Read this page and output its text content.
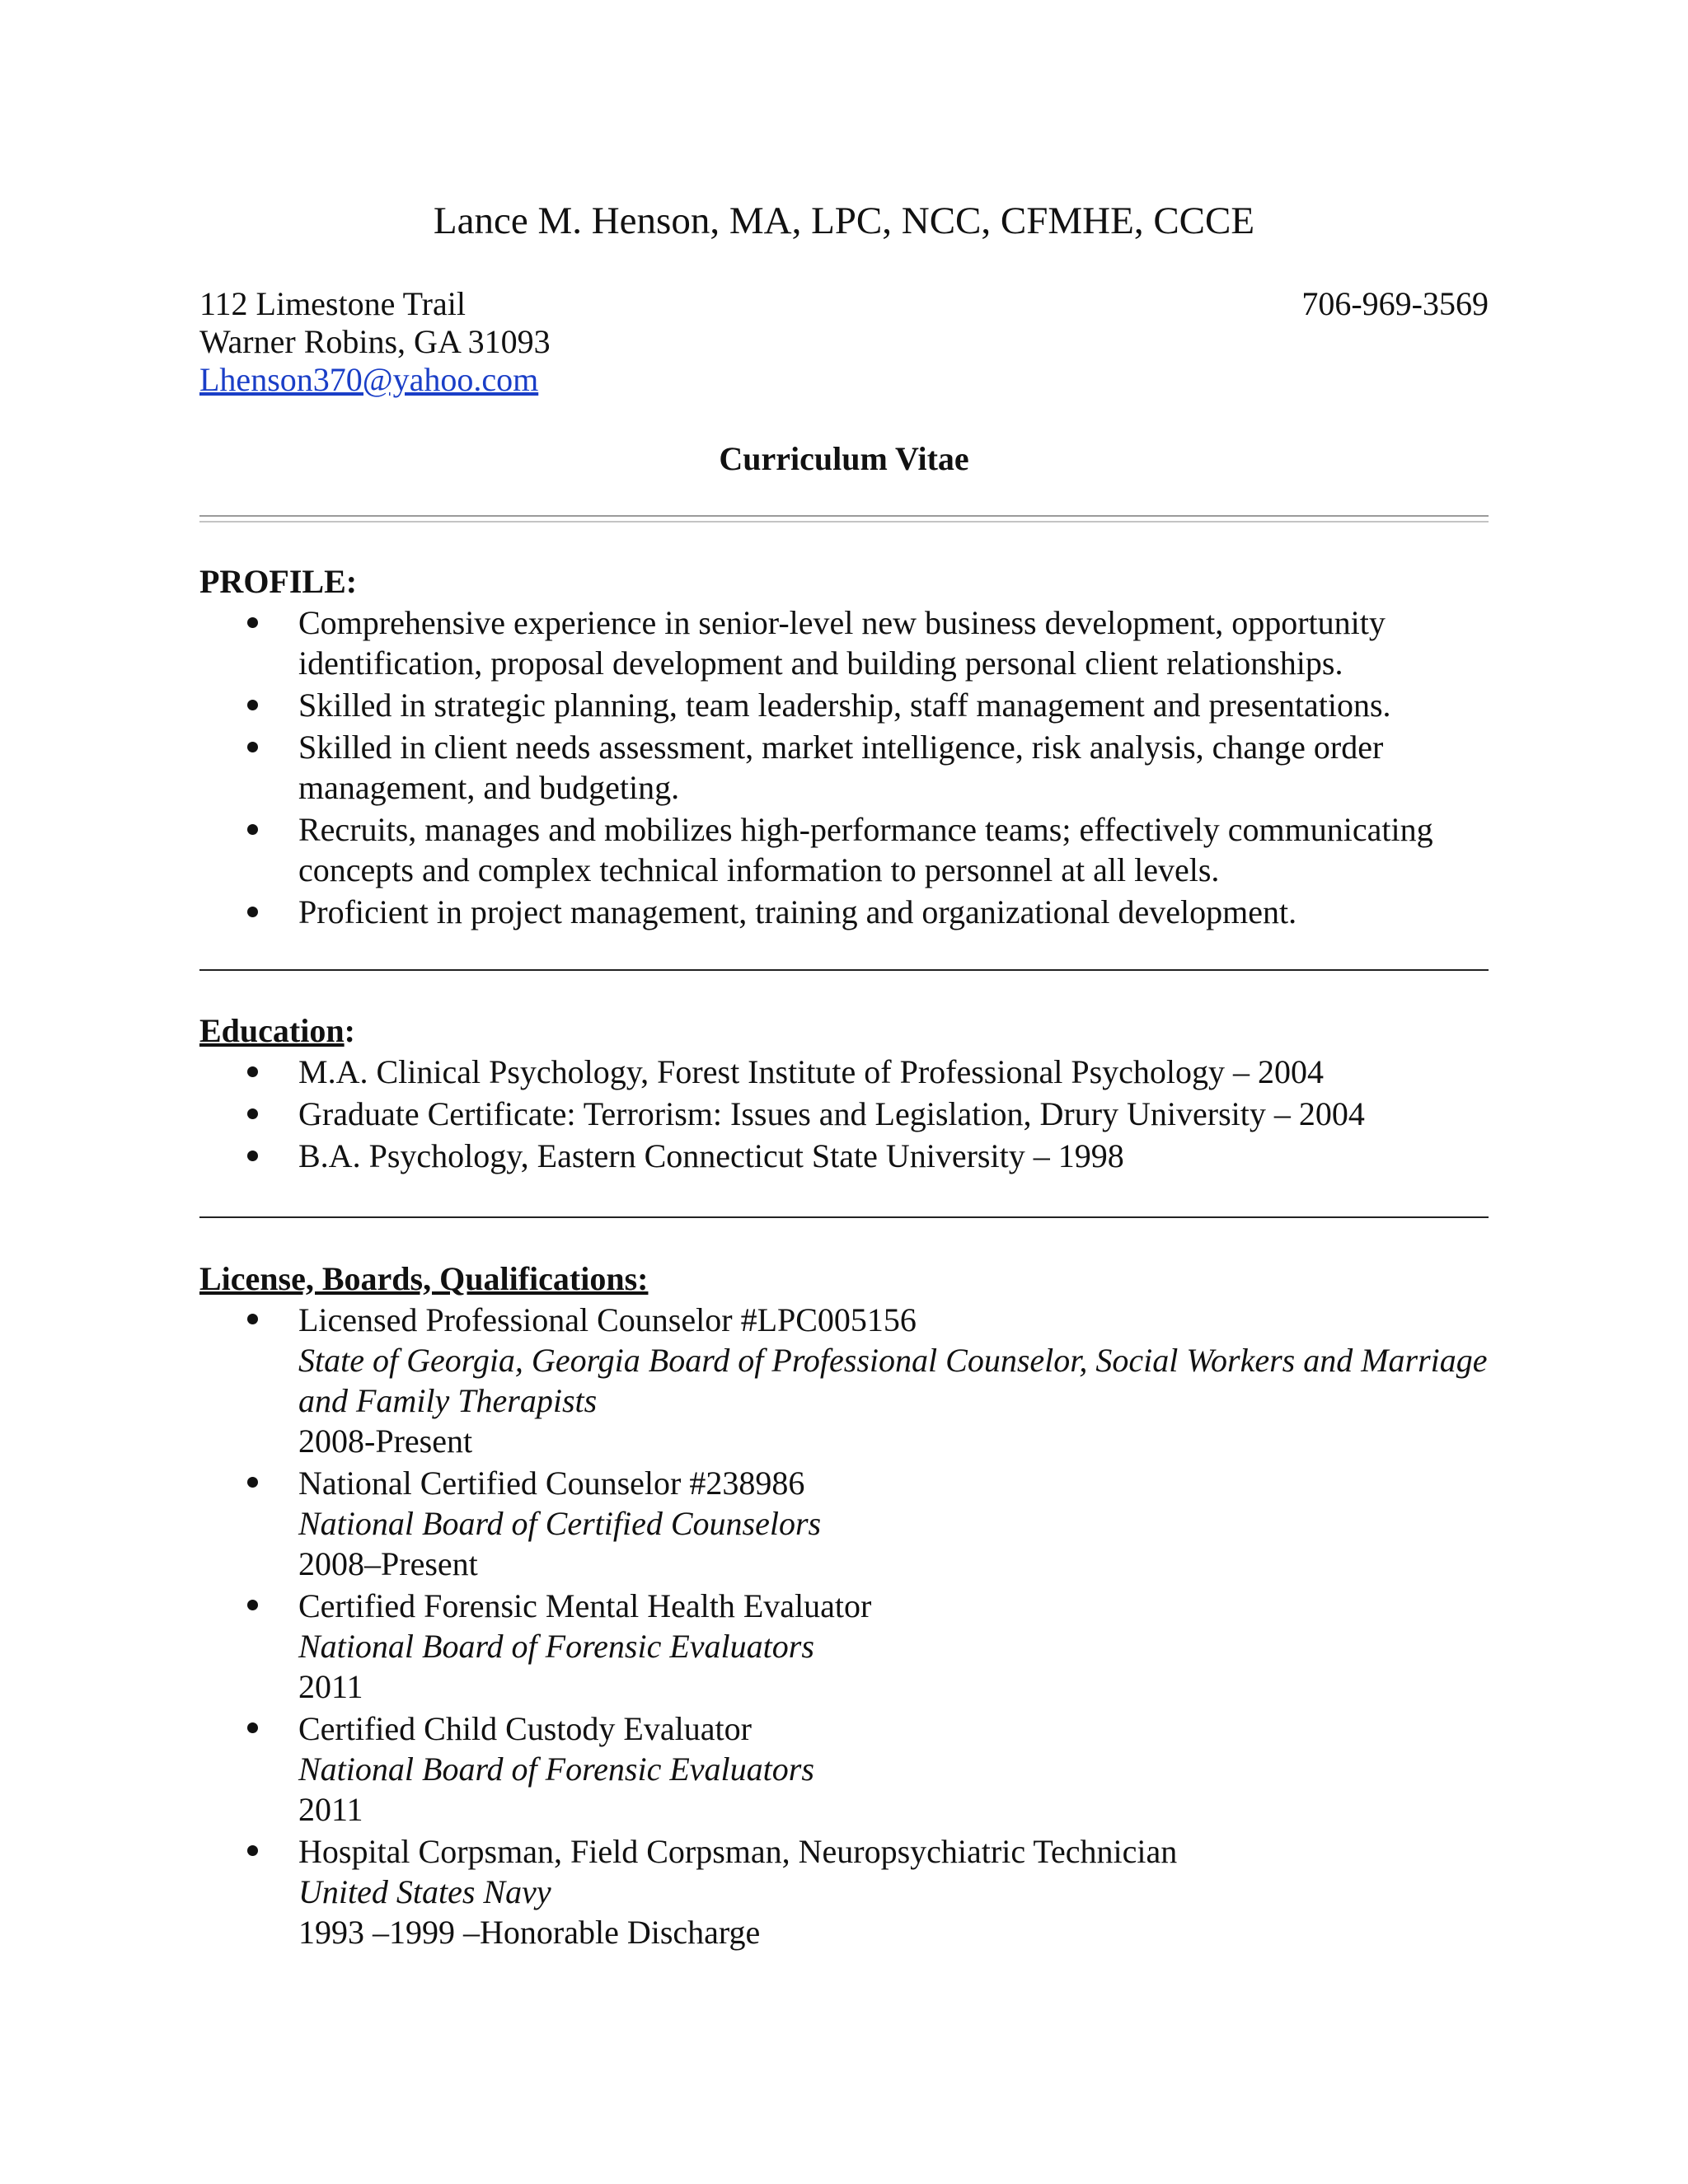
Lance M. Henson, MA, LPC, NCC, CFMHE, CCCE
112 Limestone Trail	706-969-3569
Warner Robins, GA 31093
Lhenson370@yahoo.com
Curriculum Vitae
PROFILE:
Comprehensive experience in senior-level new business development, opportunity identification, proposal development and building personal client relationships.
Skilled in strategic planning, team leadership, staff management and presentations.
Skilled in client needs assessment, market intelligence, risk analysis, change order management, and budgeting.
Recruits, manages and mobilizes high-performance teams; effectively communicating concepts and complex technical information to personnel at all levels.
Proficient in project management, training and organizational development.
Education:
M.A. Clinical Psychology, Forest Institute of Professional Psychology – 2004
Graduate Certificate: Terrorism: Issues and Legislation, Drury University – 2004
B.A. Psychology, Eastern Connecticut State University – 1998
License, Boards, Qualifications:
Licensed Professional Counselor #LPC005156
State of Georgia, Georgia Board of Professional Counselor, Social Workers and Marriage and Family Therapists
2008-Present
National Certified Counselor #238986
National Board of Certified Counselors
2008–Present
Certified Forensic Mental Health Evaluator
National Board of Forensic Evaluators
2011
Certified Child Custody Evaluator
National Board of Forensic Evaluators
2011
Hospital Corpsman, Field Corpsman, Neuropsychiatric Technician
United States Navy
1993 –1999 –Honorable Discharge
